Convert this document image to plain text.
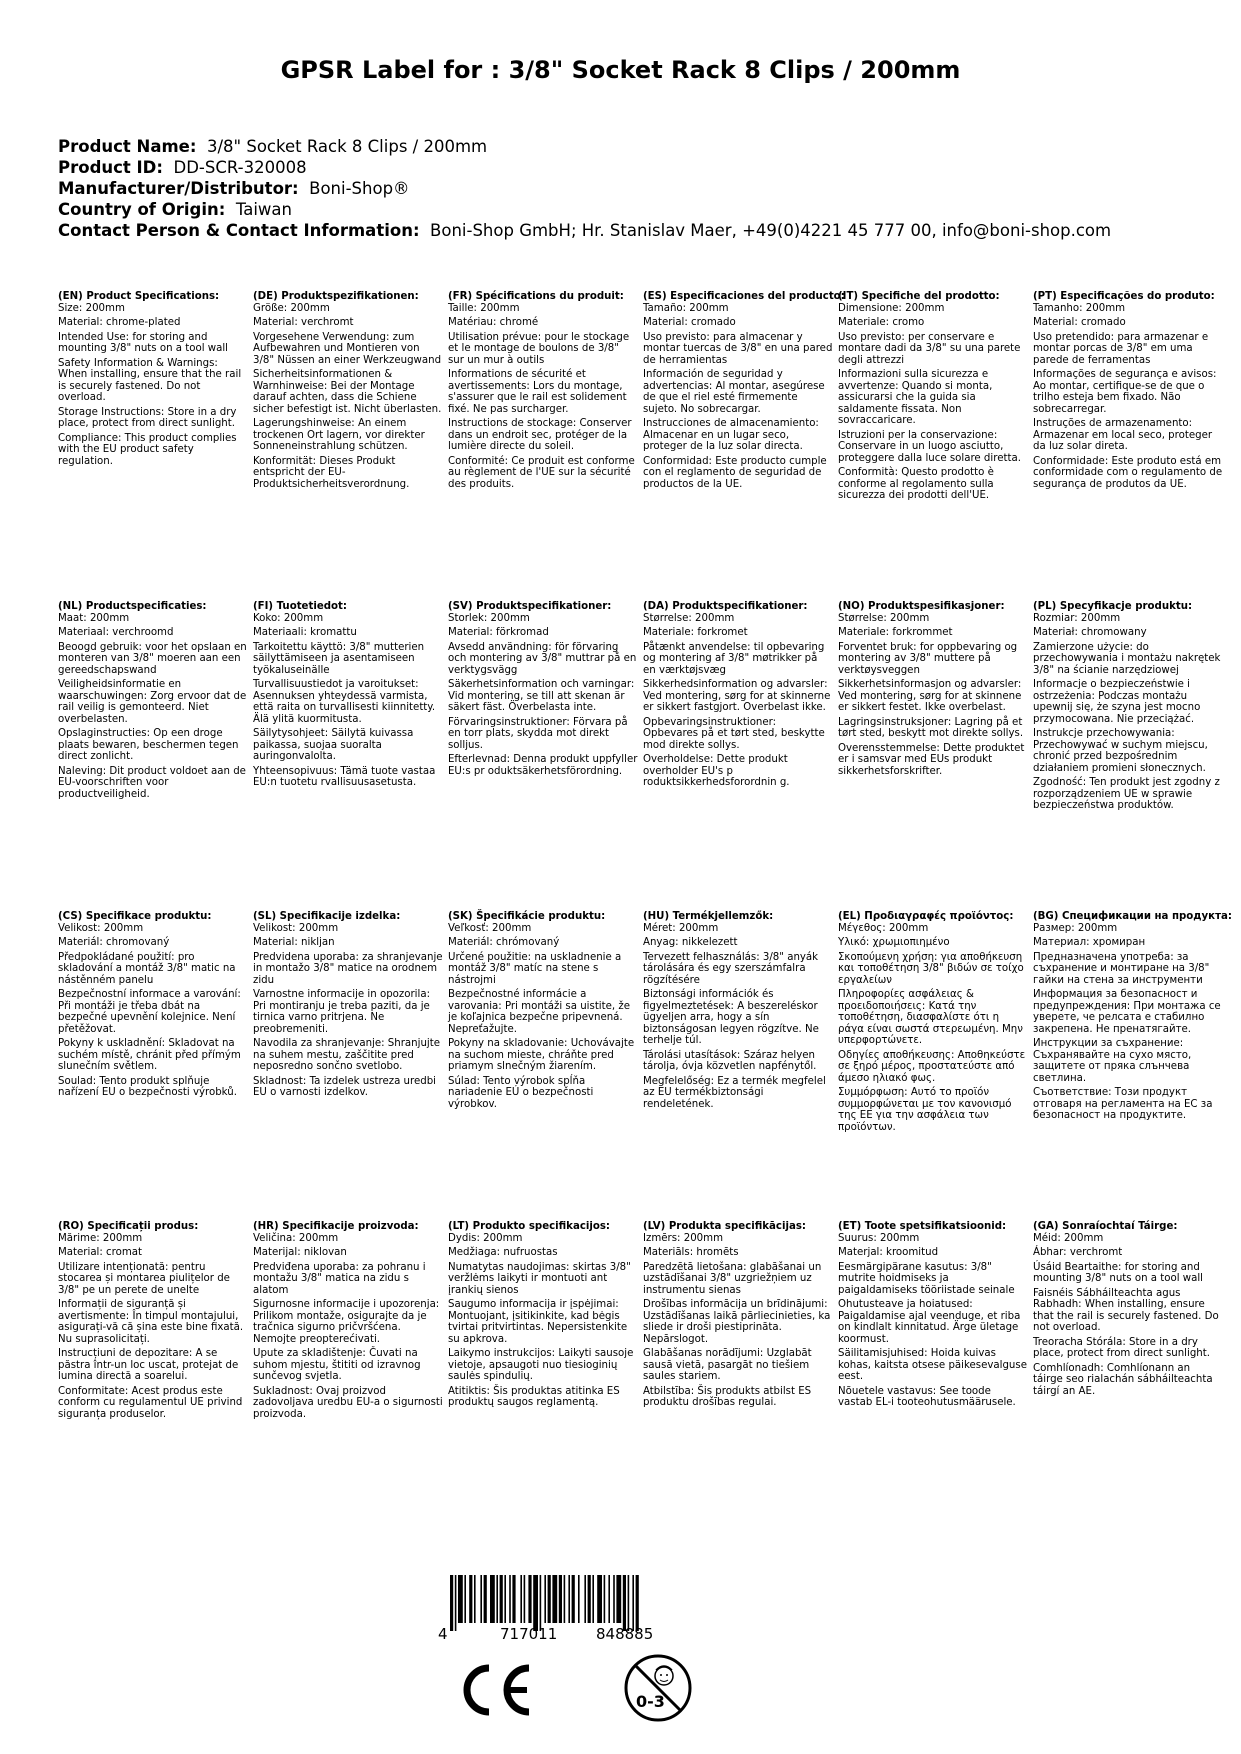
GPSR Label for : 3/8" Socket Rack 8 Clips / 200mm
Product Name: 3/8" Socket Rack 8 Clips / 200mm
Product ID: DD-SCR-320008
Manufacturer/Distributor: Boni-Shop®
Country of Origin: Taiwan
Contact Person & Contact Information: Boni-Shop GmbH; Hr. Stanislav Maer, +49(0)4221 45 777 00, info@boni-shop.com
(EN) Product Specifications:
Size: 200mm
Material: chrome-plated
Intended Use: for storing and mounting 3/8" nuts on a tool wall
Safety Information & Warnings: When installing, ensure that the rail is securely fastened. Do not overload.
Storage Instructions: Store in a dry place, protect from direct sunlight.
Compliance: This product complies with the EU product safety regulation.
(DE) Produktspezifikationen:
Größe: 200mm
Material: verchromt
Vorgesehene Verwendung: zum Aufbewahren und Montieren von 3/8" Nüssen an einer Werkzeugwand
Sicherheitsinformationen & Warnhinweise: Bei der Montage darauf achten, dass die Schiene sicher befestigt ist. Nicht überlasten.
Lagerungshinweise: An einem trockenen Ort lagern, vor direkter Sonneneinstrahlung schützen.
Konformität: Dieses Produkt entspricht der EU-Produktsicherheitsverordnung.
(FR) Spécifications du produit:
Taille: 200mm
Matériau: chromé
Utilisation prévue: pour le stockage et le montage de boulons de 3/8" sur un mur à outils
Informations de sécurité et avertissements: Lors du montage, s'assurer que le rail est solidement fixé. Ne pas surcharger.
Instructions de stockage: Conserver dans un endroit sec, protéger de la lumière directe du soleil.
Conformité: Ce produit est conforme au règlement de l'UE sur la sécurité des produits.
(ES) Especificaciones del producto:
Tamaño: 200mm
Material: cromado
Uso previsto: para almacenar y montar tuercas de 3/8" en una pared de herramientas
Información de seguridad y advertencias: Al montar, asegúrese de que el riel esté firmemente sujeto. No sobrecargar.
Instrucciones de almacenamiento: Almacenar en un lugar seco, proteger de la luz solar directa.
Conformidad: Este producto cumple con el reglamento de seguridad de productos de la UE.
(IT) Specifiche del prodotto:
Dimensione: 200mm
Materiale: cromo
Uso previsto: per conservare e montare dadi da 3/8" su una parete degli attrezzi
Informazioni sulla sicurezza e avvertenze: Quando si monta, assicurarsi che la guida sia saldamente fissata. Non sovraccaricare.
Istruzioni per la conservazione: Conservare in un luogo asciutto, proteggere dalla luce solare diretta.
Conformità: Questo prodotto è conforme al regolamento sulla sicurezza dei prodotti dell'UE.
(PT) Especificações do produto:
Tamanho: 200mm
Material: cromado
Uso pretendido: para armazenar e montar porcas de 3/8" em uma parede de ferramentas
Informações de segurança e avisos: Ao montar, certifique-se de que o trilho esteja bem fixado. Não sobrecarregar.
Instruções de armazenamento: Armazenar em local seco, proteger da luz solar direta.
Conformidade: Este produto está em conformidade com o regulamento de segurança de produtos da UE.
(NL) Productspecificaties:
Maat: 200mm
Materiaal: verchroomd
Beoogd gebruik: voor het opslaan en monteren van 3/8" moeren aan een gereedschapswand
Veiligheidsinformatie en waarschuwingen: Zorg ervoor dat de rail veilig is gemonteerd. Niet overbelasten.
Opslaginstructies: Op een droge plaats bewaren, beschermen tegen direct zonlicht.
Naleving: Dit product voldoet aan de EU-voorschriften voor productveiligheid.
(FI) Tuotetiedot:
Koko: 200mm
Materiaali: kromattu
Tarkoitettu käyttö: 3/8" mutterien säilyttämiseen ja asentamiseen työkaluseinälle
Turvallisuustiedot ja varoitukset: Asennuksen yhteydessä varmista, että raita on turvallisesti kiinnitetty. Älä ylitä kuormitusta.
Säilytysohjeet: Säilytä kuivassa paikassa, suojaa suoralta auringonvalolta.
Yhteensopivuus: Tämä tuote vastaa EU:n tuotetu rvallisuusasetusta.
(SV) Produktspecifikationer:
Storlek: 200mm
Material: förkromad
Avsedd användning: för förvaring och montering av 3/8" muttrar på en verktygsvägg
Säkerhetsinformation och varningar: Vid montering, se till att skenan är säkert fäst. Överbelasta inte.
Förvaringsinstruktioner: Förvara på en torr plats, skydda mot direkt solljus.
Efterlevnad: Denna produkt uppfyller EU:s pr oduktsäkerhetsförordning.
(DA) Produktspecifikationer:
Størrelse: 200mm
Materiale: forkromet
Påtænkt anvendelse: til opbevaring og montering af 3/8" møtrikker på en værktøjsvæg
Sikkerhedsinformation og advarsler: Ved montering, sørg for at skinnerne er sikkert fastgjort. Overbelast ikke.
Opbevaringsinstruktioner: Opbevares på et tørt sted, beskytte mod direkte sollys.
Overholdelse: Dette produkt overholder EU's p roduktsikkerhedsforordnin g.
(NO) Produktspesifikasjoner:
Størrelse: 200mm
Materiale: forkrommet
Forventet bruk: for oppbevaring og montering av 3/8" muttere på verktøysveggen
Sikkerhetsinformasjon og advarsler: Ved montering, sørg for at skinnene er sikkert festet. Ikke overbelast.
Lagringsinstruksjoner: Lagring på et tørt sted, beskytt mot direkte sollys.
Overensstemmelse: Dette produktet er i samsvar med EUs produkt sikkerhetsforskrifter.
(PL) Specyfikacje produktu:
Rozmiar: 200mm
Materiał: chromowany
Zamierzone użycie: do przechowywania i montażu nakrętek 3/8" na ścianie narzędziowej
Informacje o bezpieczeństwie i ostrzeżenia: Podczas montażu upewnij się, że szyna jest mocno przymocowana. Nie przeciążać.
Instrukcje przechowywania: Przechowywać w suchym miejscu, chronić przed bezpośrednim działaniem promieni słonecznych.
Zgodność: Ten produkt jest zgodny z rozporządzeniem UE w sprawie bezpieczeństwa produktów.
(CS) Specifikace produktu:
Velikost: 200mm
Materiál: chromovaný
Předpokládané použití: pro skladování a montáž 3/8" matic na nástěnném panelu
Bezpečnostní informace a varování: Při montáži je třeba dbát na bezpečné upevnění kolejnice. Není přetěžovat.
Pokyny k uskladnění: Skladovat na suchém místě, chránit před přímým slunečním světlem.
Soulad: Tento produkt splňuje nařízení EU o bezpečnosti výrobků.
(SL) Specifikacije izdelka:
Velikost: 200mm
Material: nikljan
Predvidena uporaba: za shranjevanje in montažo 3/8" matice na orodnem zidu
Varnostne informacije in opozorila: Pri montiranju je treba paziti, da je tirnica varno pritrjena. Ne preobremeniti.
Navodila za shranjevanje: Shranjujte na suhem mestu, zaščitite pred neposredno sončno svetlobo.
Skladnost: Ta izdelek ustreza uredbi EU o varnosti izdelkov.
(SK) Špecifikácie produktu:
Veľkosť: 200mm
Materiál: chrómovaný
Určené použitie: na uskladnenie a montáž 3/8" matíc na stene s nástrojmi
Bezpečnostné informácie a varovania: Pri montáži sa uistite, že je koľajnica bezpečne pripevnená. Nepreťažujte.
Pokyny na skladovanie: Uchovávajte na suchom mieste, chráňte pred priamym slnečným žiarením.
Súlad: Tento výrobok spĺňa nariadenie EÚ o bezpečnosti výrobkov.
(HU) Termékjellemzők:
Méret: 200mm
Anyag: nikkelezett
Tervezett felhasználás: 3/8" anyák tárolására és egy szerszámfalra rögzítésére
Biztonsági információk és figyelmeztetések: A beszereléskor ügyeljen arra, hogy a sín biztonságosan legyen rögzítve. Ne terhelje túl.
Tárolási utasítások: Száraz helyen tárolja, óvja közvetlen napfénytől.
Megfelelőség: Ez a termék megfelel az EU termékbiztonsági rendeletének.
(EL) Προδιαγραφές προϊόντος:
Μέγεθος: 200mm
Υλικό: χρωμιοπιημένο
Σκοπούμενη χρήση: για αποθήκευση και τοποθέτηση 3/8" βιδών σε τοίχο εργαλείων
Πληροφορίες ασφάλειας & προειδοποιήσεις: Κατά την τοποθέτηση, διασφαλίστε ότι η ράγα είναι σωστά στερεωμένη. Μην υπερφορτώνετε.
Οδηγίες αποθήκευσης: Αποθηκεύστε σε ξηρό μέρος, προστατεύστε από άμεσο ηλιακό φως.
Συμμόρφωση: Αυτό το προϊόν συμμορφώνεται με τον κανονισμό της ΕΕ για την ασφάλεια των προϊόντων.
(BG) Спецификации на продукта:
Размер: 200mm
Материал: хромиран
Предназначена употреба: за съхранение и монтиране на 3/8" гайки на стена за инструменти
Информация за безопасност и предупреждения: При монтажа се уверете, че релсата е стабилно закрепена. Не пренатягайте.
Инструкции за съхранение: Съхранявайте на сухо място, защитете от пряка слънчева светлина.
Съответствие: Този продукт отговаря на регламента на ЕС за безопасност на продуктите.
(RO) Specificații produs:
Mărime: 200mm
Material: cromat
Utilizare intenționată: pentru stocarea și montarea piulițelor de 3/8" pe un perete de unelte
Informații de siguranță și avertismente: În timpul montajului, asigurați-vă că șina este bine fixată. Nu suprasolicitați.
Instrucțiuni de depozitare: A se păstra într-un loc uscat, protejat de lumina directă a soarelui.
Conformitate: Acest produs este conform cu regulamentul UE privind siguranța produselor.
(HR) Specifikacije proizvoda:
Veličina: 200mm
Materijal: niklovan
Predviđena uporaba: za pohranu i montažu 3/8" matica na zidu s alatom
Sigurnosne informacije i upozorenja: Prilikom montaže, osigurajte da je tračnica sigurno pričvršćena. Nemojte preopterećivati.
Upute za skladištenje: Čuvati na suhom mjestu, štititi od izravnog sunčevog svjetla.
Sukladnost: Ovaj proizvod zadovoljava uredbu EU-a o sigurnosti proizvoda.
(LT) Produkto specifikacijos:
Dydis: 200mm
Medžiaga: nufruostas
Numatytas naudojimas: skirtas 3/8" veržlėms laikyti ir montuoti ant įrankių sienos
Saugumo informacija ir įspėjimai: Montuojant, įsitikinkite, kad bėgis tvirtai pritvirtintas. Nepersistenkite su apkrova.
Laikymo instrukcijos: Laikyti sausoje vietoje, apsaugoti nuo tiesioginių saulės spindulių.
Atitiktis: Šis produktas atitinka ES produktų saugos reglamentą.
(LV) Produkta specifikācijas:
Izmērs: 200mm
Materiāls: hromēts
Paredzētā lietošana: glabāšanai un uzstādīšanai 3/8" uzgriežņiem uz instrumentu sienas
Drošības informācija un brīdinājumi: Uzstādīšanas laikā pārliecinieties, ka sliede ir droši piestiprināta. Nepārslogot.
Glabāšanas norādījumi: Uzglabāt sausā vietā, pasargāt no tiešiem saules stariem.
Atbilstība: Šis produkts atbilst ES produktu drošības regulai.
(ET) Toote spetsifikatsioonid:
Suurus: 200mm
Materjal: kroomitud
Eesmärgipärane kasutus: 3/8" mutrite hoidmiseks ja paigaldamiseks tööriistade seinale
Ohutusteave ja hoiatused: Paigaldamise ajal veenduge, et riba on kindlalt kinnitatud. Ärge ületage koormust.
Säilitamisjuhised: Hoida kuivas kohas, kaitsta otsese päikesevalguse eest.
Nõuetele vastavus: See toode vastab EL-i tooteohutusmääruselе.
(GA) Sonraíochtaí Táirge:
Méid: 200mm
Ábhar: verchromt
Úsáid Beartaithe: for storing and mounting 3/8" nuts on a tool wall
Faisnéis Sábháilteachta agus Rabhadh: When installing, ensure that the rail is securely fastened. Do not overload.
Treoracha Stórála: Store in a dry place, protect from direct sunlight.
Comhlíonadh: Comhlíonann an táirge seo rialachán sábháilteachta táirgí an AE.
4	717011	848885
0-3
